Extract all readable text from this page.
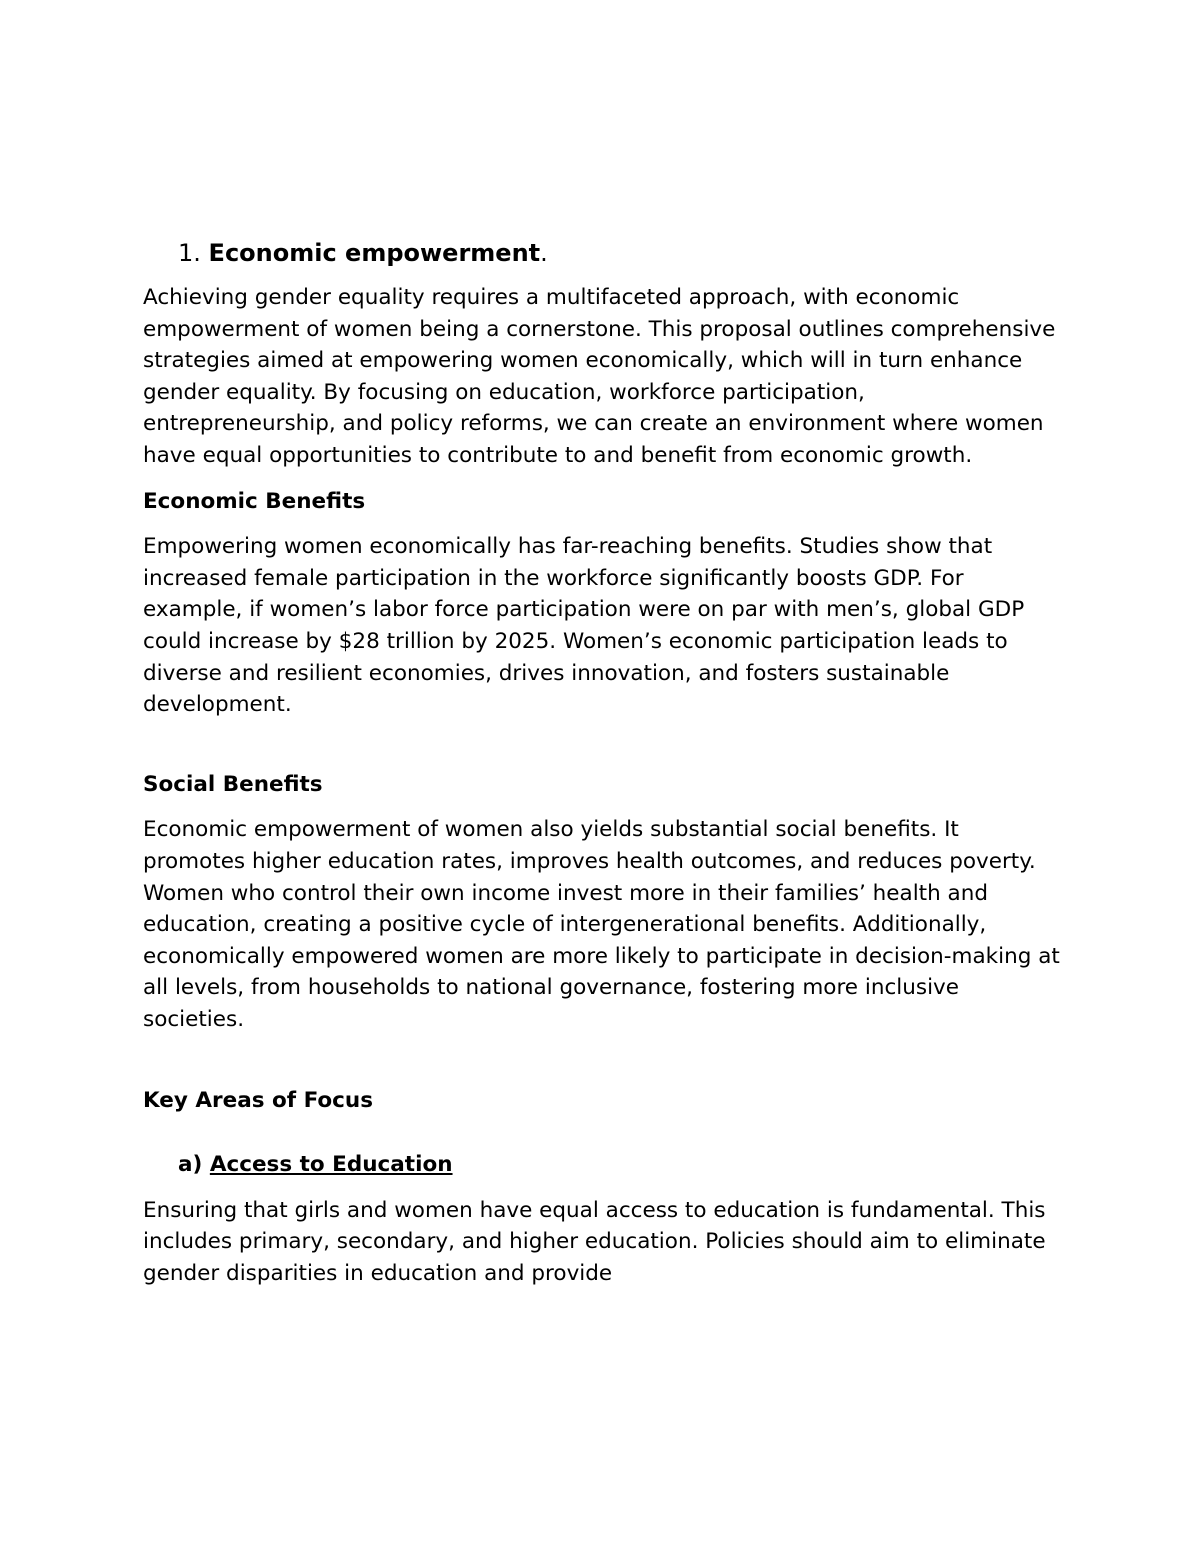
1. Economic empowerment.

Achieving gender equality requires a multifaceted approach, with economic empowerment of women being a cornerstone. This proposal outlines comprehensive strategies aimed at empowering women economically, which will in turn enhance gender equality. By focusing on education, workforce participation, entrepreneurship, and policy reforms, we can create an environment where women have equal opportunities to contribute to and benefit from economic growth.

Economic Benefits

Empowering women economically has far-reaching benefits. Studies show that increased female participation in the workforce significantly boosts GDP. For example, if women’s labor force participation were on par with men’s, global GDP could increase by $28 trillion by 2025. Women’s economic participation leads to diverse and resilient economies, drives innovation, and fosters sustainable development.

Social Benefits

Economic empowerment of women also yields substantial social benefits. It promotes higher education rates, improves health outcomes, and reduces poverty. Women who control their own income invest more in their families’ health and education, creating a positive cycle of intergenerational benefits. Additionally, economically empowered women are more likely to participate in decision-making at all levels, from households to national governance, fostering more inclusive societies.

Key Areas of Focus
a) Access to Education

Ensuring that girls and women have equal access to education is fundamental. This includes primary, secondary, and higher education. Policies should aim to eliminate gender disparities in education and provide
